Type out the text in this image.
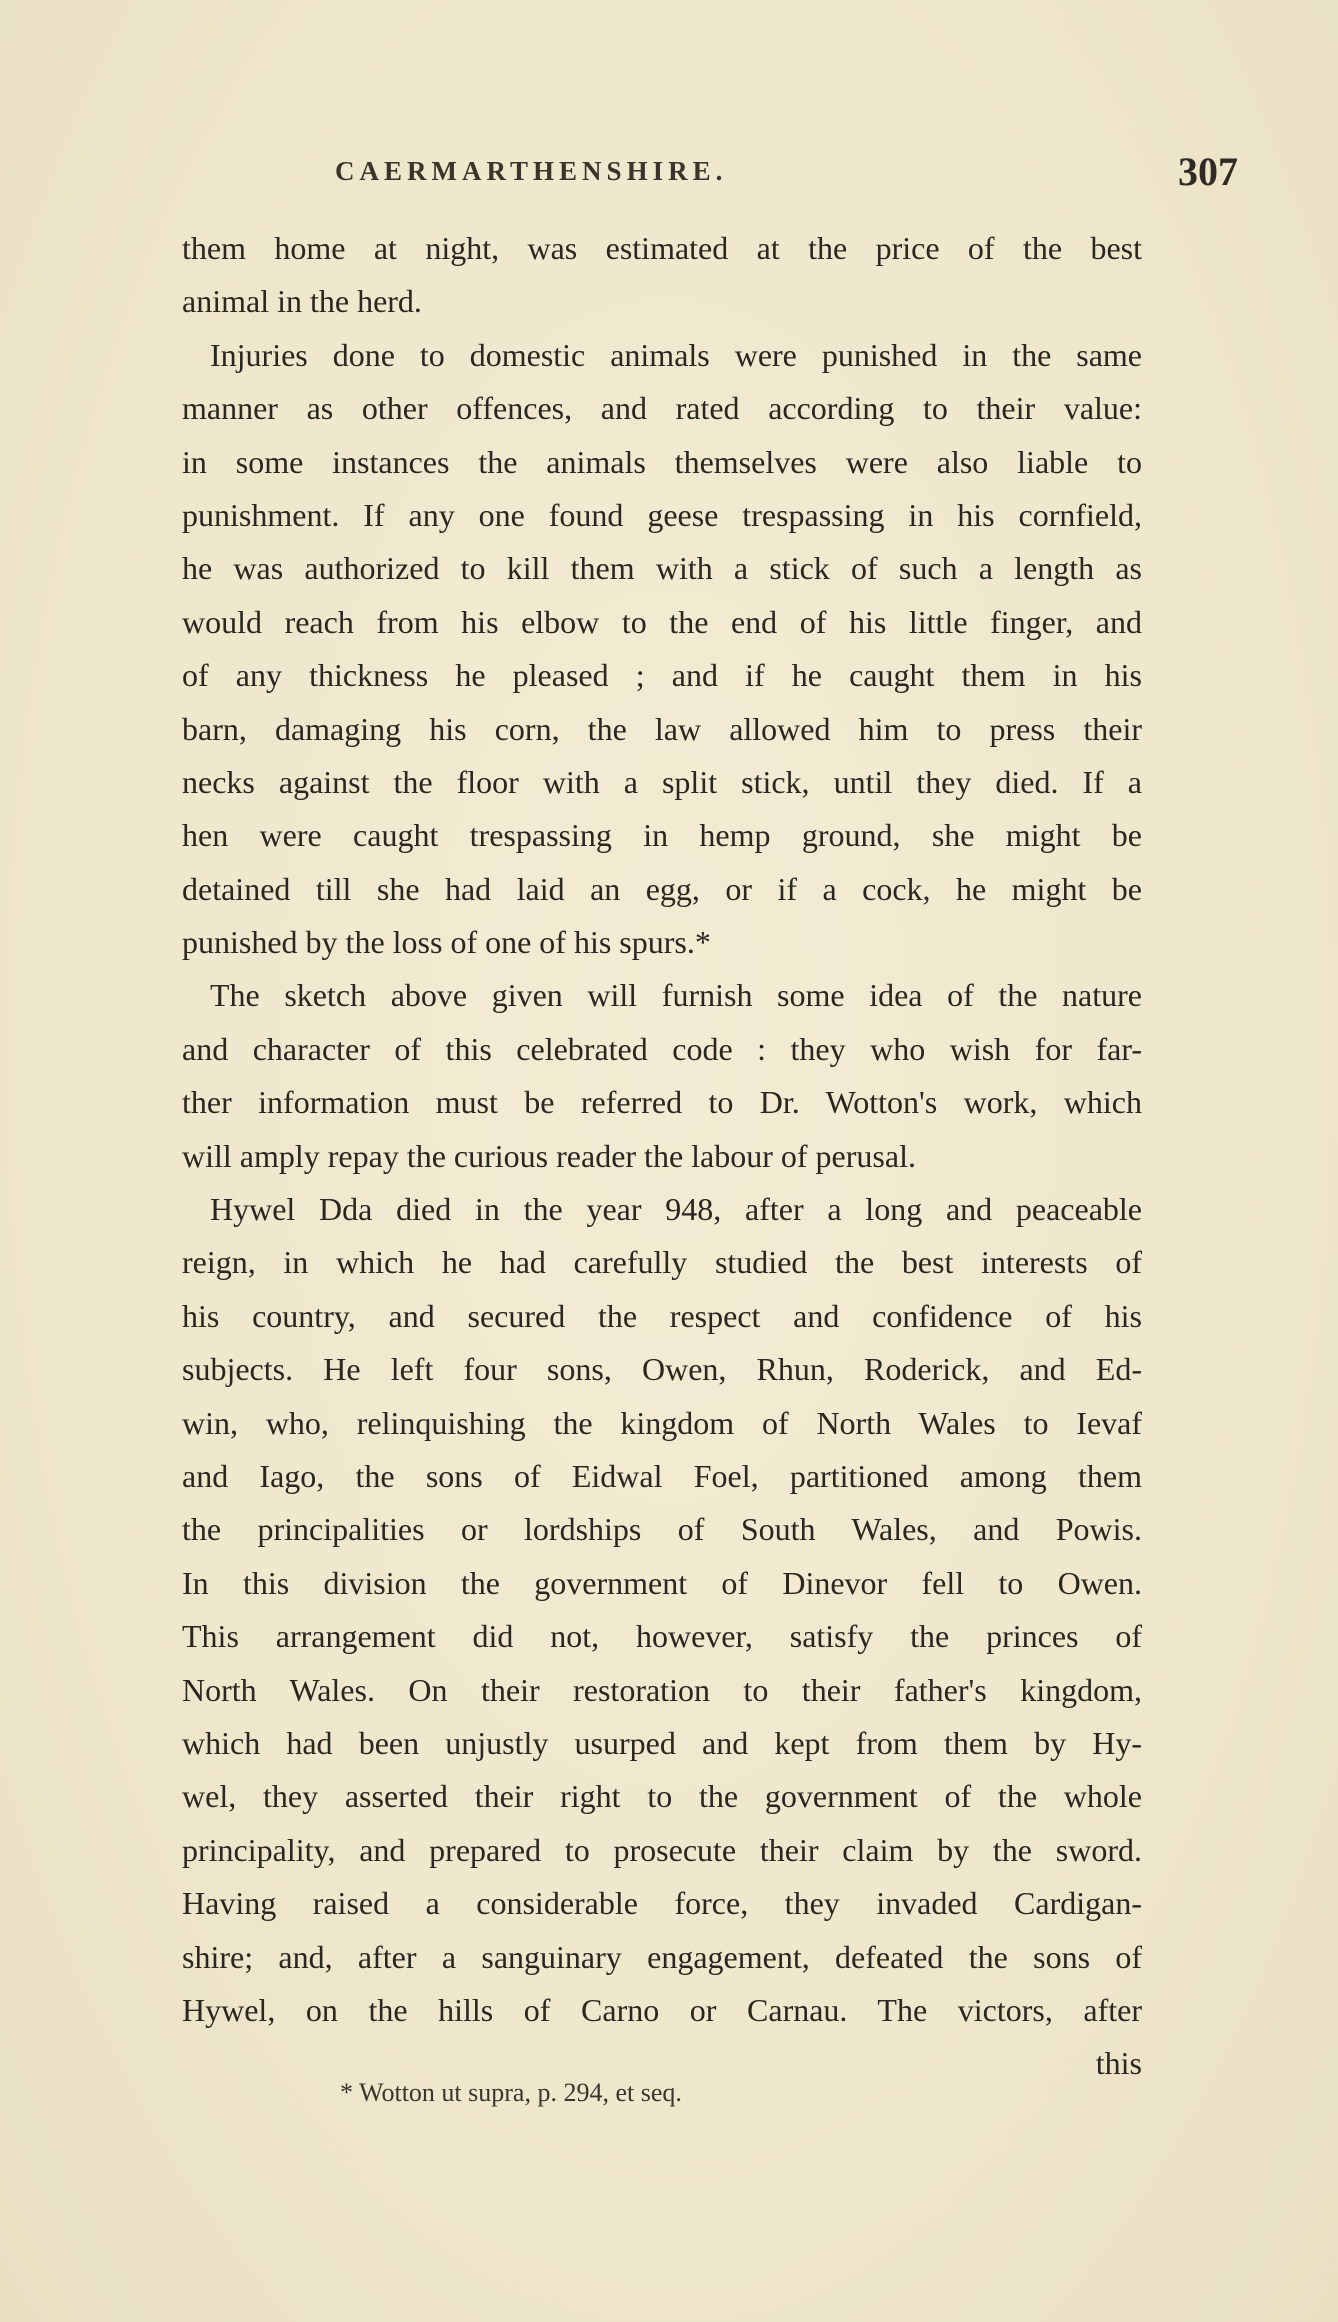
CAERMARTHENSHIRE.	307
them home at night, was estimated at the price of the best
animal in the herd.
Injuries done to domestic animals were punished in the same
manner as other offences, and rated according to their value:
in some instances the animals themselves were also liable to
punishment. If any one found geese trespassing in his cornfield,
he was authorized to kill them with a stick of such a length as
would reach from his elbow to the end of his little finger, and
of any thickness he pleased ; and if he caught them in his
barn, damaging his corn, the law allowed him to press their
necks against the floor with a split stick, until they died. If a
hen were caught trespassing in hemp ground, she might be
detained till she had laid an egg, or if a cock, he might be
punished by the loss of one of his spurs.*
The sketch above given will furnish some idea of the nature
and character of this celebrated code : they who wish for far-
ther information must be referred to Dr. Wotton's work, which
will amply repay the curious reader the labour of perusal.
Hywel Dda died in the year 948, after a long and peaceable
reign, in which he had carefully studied the best interests of
his country, and secured the respect and confidence of his
subjects. He left four sons, Owen, Rhun, Roderick, and Ed-
win, who, relinquishing the kingdom of North Wales to Ievaf
and Iago, the sons of Eidwal Foel, partitioned among them
the principalities or lordships of South Wales, and Powis.
In this division the government of Dinevor fell to Owen.
This arrangement did not, however, satisfy the princes of
North Wales. On their restoration to their father's kingdom,
which had been unjustly usurped and kept from them by Hy-
wel, they asserted their right to the government of the whole
principality, and prepared to prosecute their claim by the sword.
Having raised a considerable force, they invaded Cardigan-
shire; and, after a sanguinary engagement, defeated the sons of
Hywel, on the hills of Carno or Carnau. The victors, after
this
* Wotton ut supra, p. 294, et seq.
